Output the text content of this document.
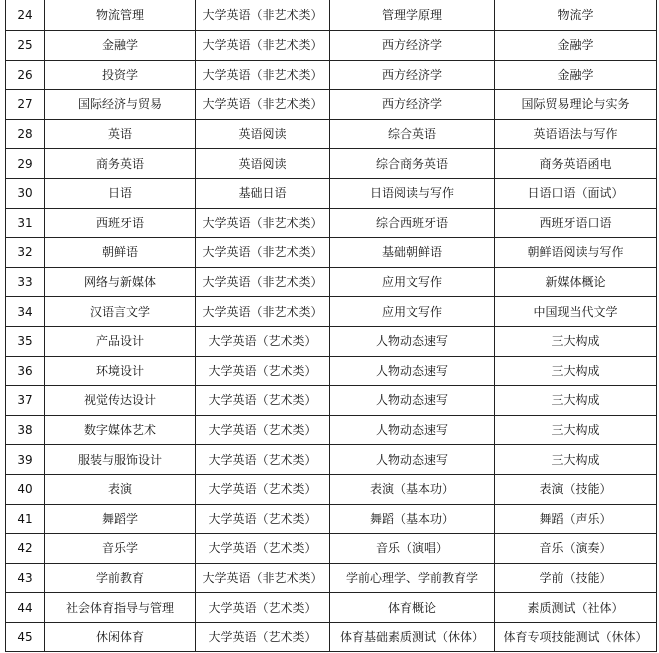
24	物流管理	大学英语（非艺术类）	管理学原理	物流学
25	金融学	大学英语（非艺术类）	西方经济学	金融学
26	投资学	大学英语（非艺术类）	西方经济学	金融学
27	国际经济与贸易	大学英语（非艺术类）	西方经济学	国际贸易理论与实务
28	英语	英语阅读	综合英语	英语语法与写作
29	商务英语	英语阅读	综合商务英语	商务英语函电
30	日语	基础日语	日语阅读与写作	日语口语（面试）
31	西班牙语	大学英语（非艺术类）	综合西班牙语	西班牙语口语
32	朝鲜语	大学英语（非艺术类）	基础朝鲜语	朝鲜语阅读与写作
33	网络与新媒体	大学英语（非艺术类）	应用文写作	新媒体概论
34	汉语言文学	大学英语（非艺术类）	应用文写作	中国现当代文学
35	产品设计	大学英语（艺术类）	人物动态速写	三大构成
36	环境设计	大学英语（艺术类）	人物动态速写	三大构成
37	视觉传达设计	大学英语（艺术类）	人物动态速写	三大构成
38	数字媒体艺术	大学英语（艺术类）	人物动态速写	三大构成
39	服装与服饰设计	大学英语（艺术类）	人物动态速写	三大构成
40	表演	大学英语（艺术类）	表演（基本功）	表演（技能）
41	舞蹈学	大学英语（艺术类）	舞蹈（基本功）	舞蹈（声乐）
42	音乐学	大学英语（艺术类）	音乐（演唱）	音乐（演奏）
43	学前教育	大学英语（非艺术类）	学前心理学、学前教育学	学前（技能）
44	社会体育指导与管理	大学英语（艺术类）	体育概论	素质测试（社体）
45	休闲体育	大学英语（艺术类）	体育基础素质测试（休体）	体育专项技能测试（休体）
